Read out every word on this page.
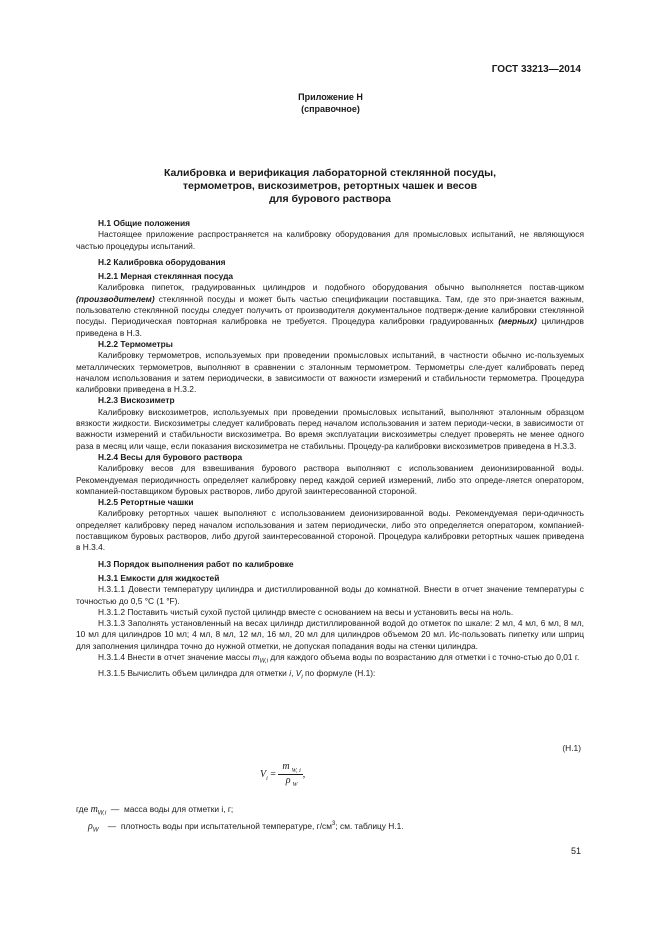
ГОСТ 33213—2014
Приложение Н
(справочное)
Калибровка и верификация лабораторной стеклянной посуды,
термометров, вискозиметров, ретортных чашек и весов
для бурового раствора

Н.1 Общие положения

Настоящее приложение распространяется на калибровку оборудования для промысловых испытаний, не являющуюся частью процедуры испытаний.

Н.2 Калибровка оборудования

Н.2.1 Мерная стеклянная посуда

Калибровка пипеток, градуированных цилиндров и подобного оборудования обычно выполняется постав-щиком (производителем) стеклянной посуды и может быть частью спецификации поставщика. Там, где это при-знается важным, пользователю стеклянной посуды следует получить от производителя документальное подтверж-дение калибровки стеклянной посуды. Периодическая повторная калибровка не требуется. Процедура калибровки градуированных (мерных) цилиндров приведена в Н.3.

Н.2.2 Термометры

Калибровку термометров, используемых при проведении промысловых испытаний, в частности обычно ис-пользуемых металлических термометров, выполняют в сравнении с эталонным термометром. Термометры сле-дует калибровать перед началом использования и затем периодически, в зависимости от важности измерений и стабильности термометра. Процедура калибровки приведена в Н.3.2.

Н.2.3 Вискозиметр

Калибровку вискозиметров, используемых при проведении промысловых испытаний, выполняют эталонным образцом вязкости жидкости. Вискозиметры следует калибровать перед началом использования и затем периоди-чески, в зависимости от важности измерений и стабильности вискозиметра. Во время эксплуатации вискозиметры следует проверять не менее одного раза в месяц или чаще, если показания вискозиметра не стабильны. Процеду-ра калибровки вискозиметров приведена в Н.3.3.

Н.2.4 Весы для бурового раствора

Калибровку весов для взвешивания бурового раствора выполняют с использованием деионизированной воды. Рекомендуемая периодичность определяет калибровку перед каждой серией измерений, либо это опреде-ляется оператором, компанией-поставщиком буровых растворов, либо другой заинтересованной стороной.

Н.2.5 Ретортные чашки

Калибровку ретортных чашек выполняют с использованием деионизированной воды. Рекомендуемая пери-одичность определяет калибровку перед началом использования и затем периодически, либо это определяется оператором, компанией-поставщиком буровых растворов, либо другой заинтересованной стороной. Процедура калибровки ретортных чашек приведена в Н.3.4.

Н.3 Порядок выполнения работ по калибровке

Н.3.1 Емкости для жидкостей

Н.3.1.1 Довести температуру цилиндра и дистиллированной воды до комнатной. Внести в отчет значение температуры с точностью до 0,5 °С (1 °F).

Н.3.1.2 Поставить чистый сухой пустой цилиндр вместе с основанием на весы и установить весы на ноль.

Н.3.1.3 Заполнять установленный на весах цилиндр дистиллированной водой до отметок по шкале: 2 мл, 4 мл, 6 мл, 8 мл, 10 мл для цилиндров 10 мл; 4 мл, 8 мл, 12 мл, 16 мл, 20 мл для цилиндров объемом 20 мл. Ис-пользовать пипетку или шприц для заполнения цилиндра точно до нужной отметки, не допуская попадания воды на стенки цилиндра.

Н.3.1.4 Внести в отчет значение массы $m_{W,i}$ для каждого объема воды по возрастанию для отметки i с точно-стью до 0,01 г.

Н.3.1.5 Вычислить объем цилиндра для отметки i, $V_i$ по формуле (Н.1):

$V_i = \frac{m _{W, i}}{\rho _W}$ ,
(Н.1)
где $m_{W,i}$ — масса воды для отметки i, г;
$\rho_W$ — плотность воды при испытательной температуре, $г/см^3$; см. таблицу Н.1.
51
